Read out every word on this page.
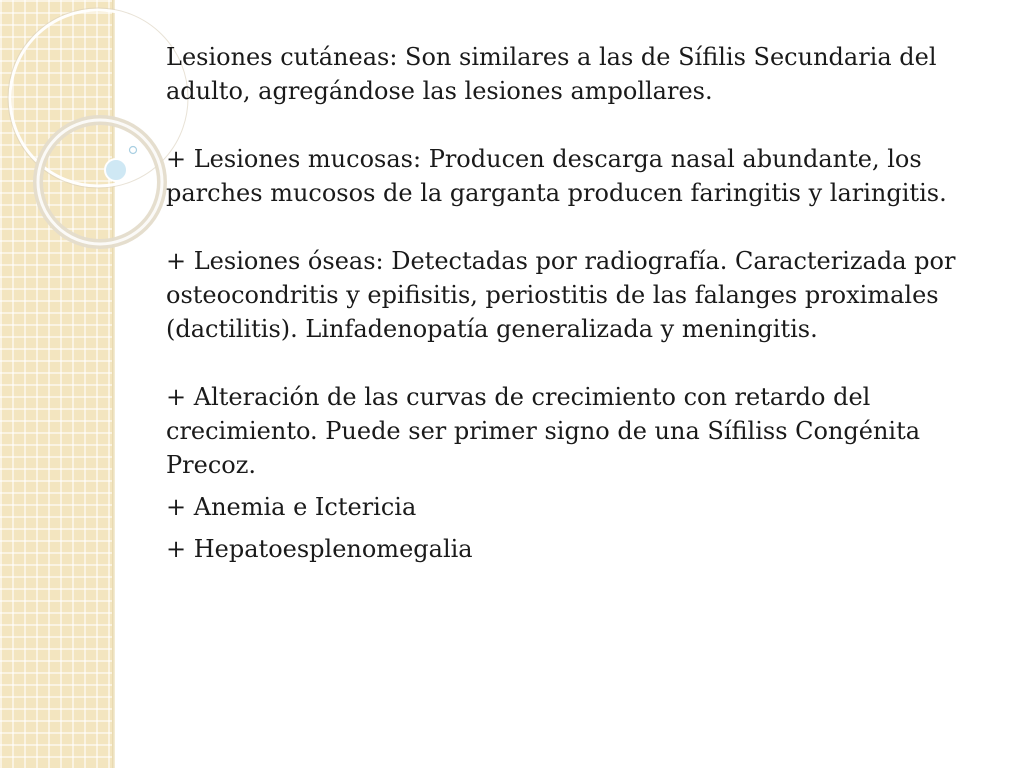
Lesiones cutáneas: Son similares a las de Sífilis Secundaria del adulto, agregándose las lesiones ampollares.

+ Lesiones mucosas: Producen descarga nasal abundante, los parches mucosos de la garganta producen faringitis y laringitis.

+ Lesiones óseas: Detectadas por radiografía. Caracterizada por osteocondritis y epifisitis, periostitis de las falanges proximales (dactilitis). Linfadenopatía generalizada y meningitis.

+ Alteración de las curvas de crecimiento con retardo del crecimiento. Puede ser primer signo de una Sífiliss Congénita Precoz.

+ Anemia e Ictericia

+ Hepatoesplenomegalia
